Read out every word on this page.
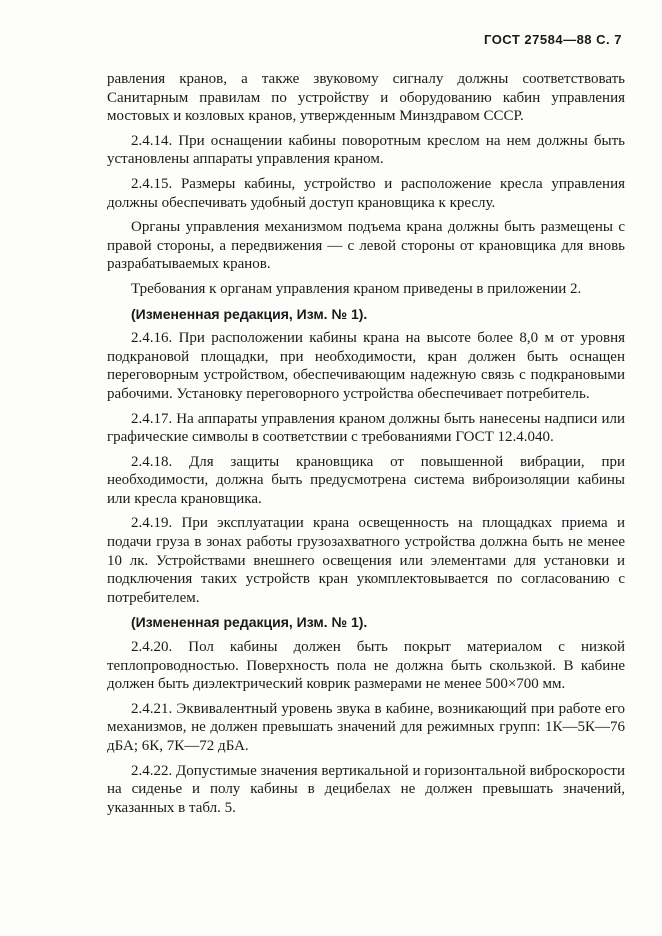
ГОСТ 27584—88 С. 7

равления кранов, а также звуковому сигналу должны соответствовать Санитарным правилам по устройству и оборудованию кабин управления мостовых и козловых кранов, утвержденным Минздравом СССР.

2.4.14. При оснащении кабины поворотным креслом на нем должны быть установлены аппараты управления краном.

2.4.15. Размеры кабины, устройство и расположение кресла управления должны обеспечивать удобный доступ крановщика к креслу.

Органы управления механизмом подъема крана должны быть размещены с правой стороны, а передвижения — с левой стороны от крановщика для вновь разрабатываемых кранов.

Требования к органам управления краном приведены в приложении 2.

(Измененная редакция, Изм. № 1).

2.4.16. При расположении кабины крана на высоте более 8,0 м от уровня подкрановой площадки, при необходимости, кран должен быть оснащен переговорным устройством, обеспечивающим надежную связь с подкрановыми рабочими. Установку переговорного устройства обеспечивает потребитель.

2.4.17. На аппараты управления краном должны быть нанесены надписи или графические символы в соответствии с требованиями ГОСТ 12.4.040.

2.4.18. Для защиты крановщика от повышенной вибрации, при необходимости, должна быть предусмотрена система виброизоляции кабины или кресла крановщика.

2.4.19. При эксплуатации крана освещенность на площадках приема и подачи груза в зонах работы грузозахватного устройства должна быть не менее 10 лк. Устройствами внешнего освещения или элементами для установки и подключения таких устройств кран укомплектовывается по согласованию с потребителем.

(Измененная редакция, Изм. № 1).

2.4.20. Пол кабины должен быть покрыт материалом с низкой теплопроводностью. Поверхность пола не должна быть скользкой. В кабине должен быть диэлектрический коврик размерами не менее 500×700 мм.

2.4.21. Эквивалентный уровень звука в кабине, возникающий при работе его механизмов, не должен превышать значений для режимных групп: 1К—5К—76 дБА; 6К, 7К—72 дБА.

2.4.22. Допустимые значения вертикальной и горизонтальной виброскорости на сиденье и полу кабины в децибелах не должен превышать значений, указанных в табл. 5.
